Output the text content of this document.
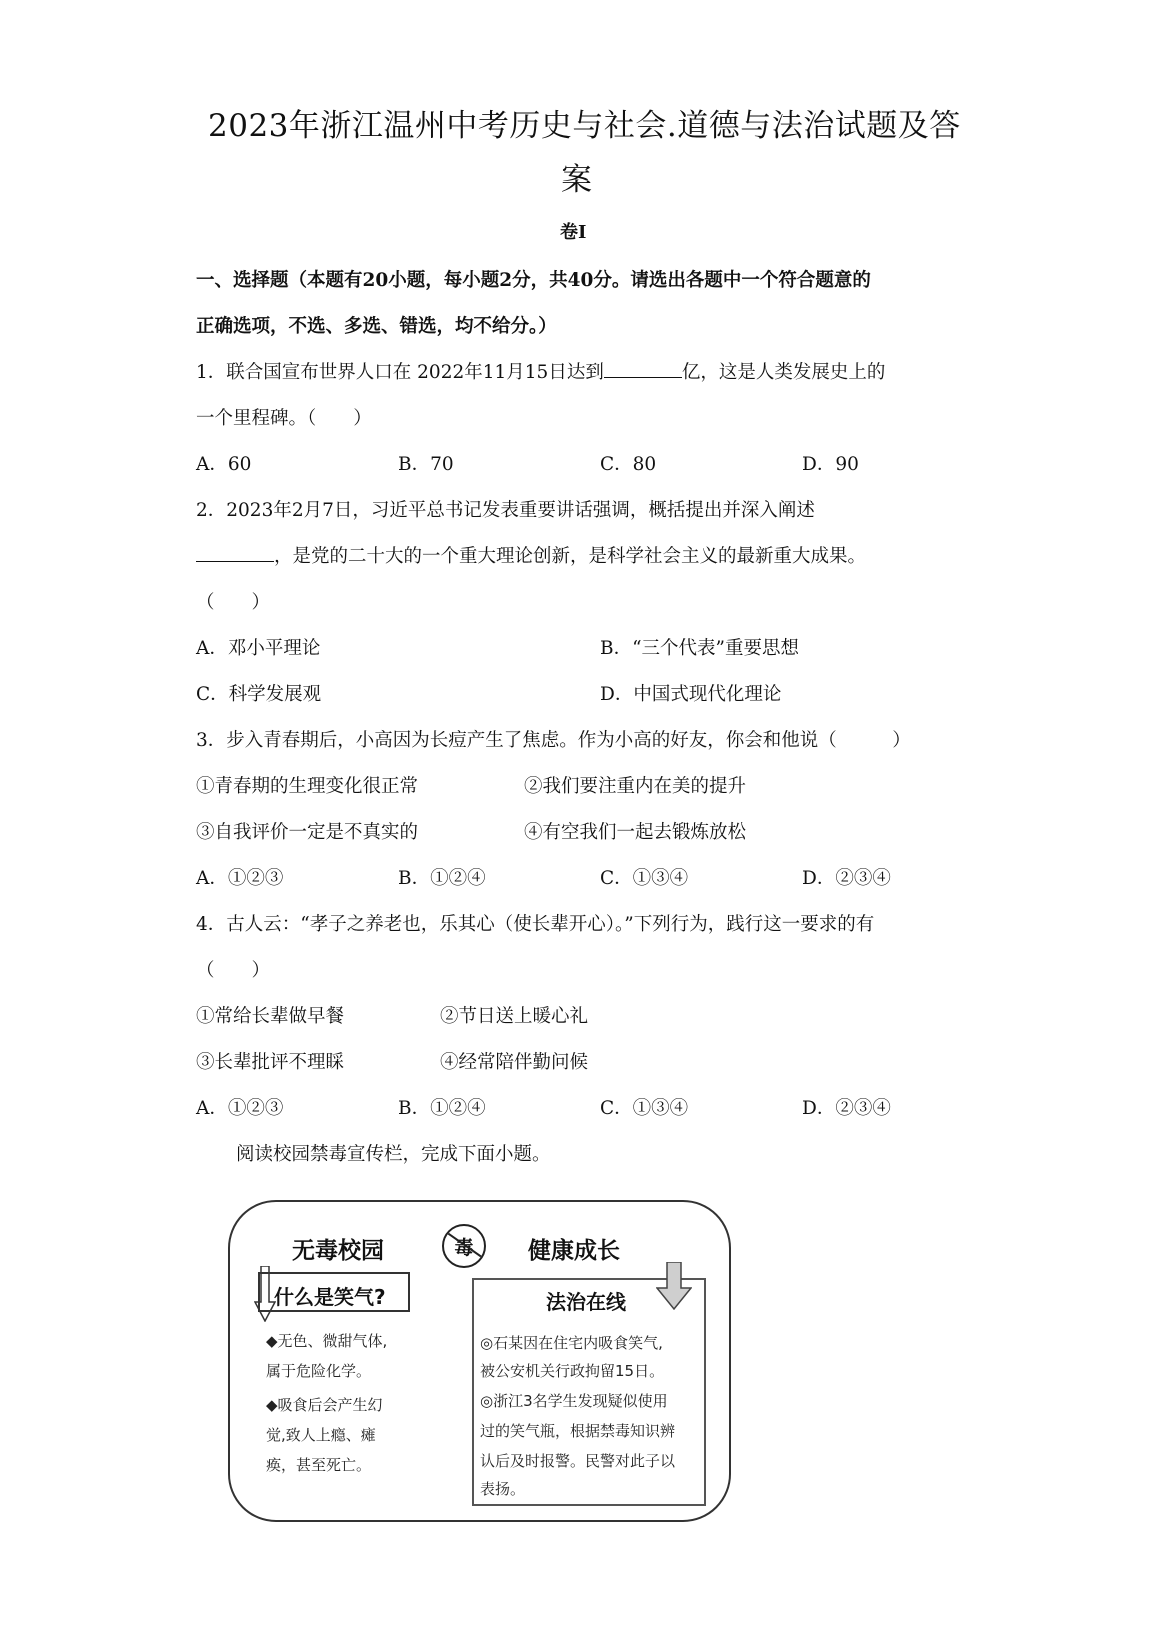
2023年浙江温州中考历史与社会.道德与法治试题及答
案
卷Ⅰ
一、选择题（本题有20小题，每小题2分，共40分。请选出各题中一个符合题意的
正确选项，不选、多选、错选，均不给分。）
1．联合国宣布世界人口在 2022年11月15日达到	亿，这是人类发展史上的
一个里程碑。（　　）
A．60	B．70	C．80	D．90
2．2023年2月7日，习近平总书记发表重要讲话强调，概括提出并深入阐述
，是党的二十大的一个重大理论创新，是科学社会主义的最新重大成果。
（　　）
A．邓小平理论	B．“三个代表”重要思想
C．科学发展观	D．中国式现代化理论
3．步入青春期后，小高因为长痘产生了焦虑。作为小高的好友，你会和他说（　　　）
①青春期的生理变化很正常	②我们要注重内在美的提升
③自我评价一定是不真实的	④有空我们一起去锻炼放松
A．①②③	B．①②④	C．①③④	D．②③④
4．古人云：“孝子之养老也，乐其心（使长辈开心）。”下列行为，践行这一要求的有
（　　）
①常给长辈做早餐	②节日送上暖心礼
③长辈批评不理睬	④经常陪伴勤问候
A．①②③	B．①②④	C．①③④	D．②③④
阅读校园禁毒宣传栏，完成下面小题。
无毒校园	毒	健康成长
什么是笑气?
◆无色、微甜气体,
属于危险化学。
◆吸食后会产生幻
觉,致人上瘾、瘫
痪，甚至死亡。
法治在线
◎石某因在住宅内吸食笑气,
被公安机关行政拘留15日。
◎浙江3名学生发现疑似使用
过的笑气瓶，根据禁毒知识辨
认后及时报警。民警对此子以
表扬。
